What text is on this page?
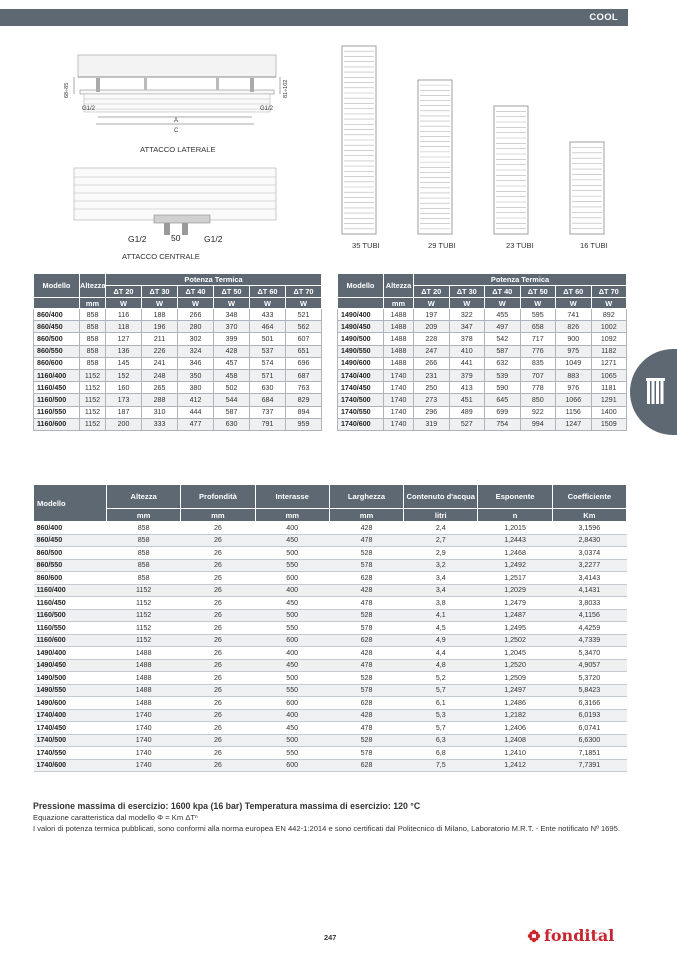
COOL
68÷85	81÷102
G1/2	G1/2
A
C
ATTACCO LATERALE
G1/2	50	G1/2
ATTACCO CENTRALE
35 TUBI	29 TUBI	23 TUBI	16 TUBI
Modello	Altezza	Potenza Termica					
		ΔT 20	ΔT 30	ΔT 40	ΔT 50	ΔT 60	ΔT 70
	mm	W	W	W	W	W	W
860/400	858	116	188	266	348	433	521
860/450	858	118	196	280	370	464	562
860/500	858	127	211	302	399	501	607
860/550	858	136	226	324	428	537	651
860/600	858	145	241	346	457	574	696
1160/400	1152	152	248	350	458	571	687
1160/450	1152	160	265	380	502	630	763
1160/500	1152	173	288	412	544	684	829
1160/550	1152	187	310	444	587	737	894
1160/600	1152	200	333	477	630	791	959
Modello	Altezza	Potenza Termica					
		ΔT 20	ΔT 30	ΔT 40	ΔT 50	ΔT 60	ΔT 70
	mm	W	W	W	W	W	W
1490/400	1488	197	322	455	595	741	892
1490/450	1488	209	347	497	658	826	1002
1490/500	1488	228	378	542	717	900	1092
1490/550	1488	247	410	587	776	975	1182
1490/600	1488	266	441	632	835	1049	1271
1740/400	1740	231	379	539	707	883	1065
1740/450	1740	250	413	590	778	976	1181
1740/500	1740	273	451	645	850	1066	1291
1740/550	1740	296	489	699	922	1156	1400
1740/600	1740	319	527	754	994	1247	1509
Modello	Altezza	Profondità	Interasse	Larghezza	Contenuto d'acqua	Esponente	Coefficiente
	mm	mm	mm	mm	litri	n	Km
860/400	858	26	400	428	2,4	1,2015	3,1596
860/450	858	26	450	478	2,7	1,2443	2,8430
860/500	858	26	500	528	2,9	1,2468	3,0374
860/550	858	26	550	578	3,2	1,2492	3,2277
860/600	858	26	600	628	3,4	1,2517	3,4143
1160/400	1152	26	400	428	3,4	1,2029	4,1431
1160/450	1152	26	450	478	3,8	1,2479	3,8033
1160/500	1152	26	500	528	4,1	1,2487	4,1156
1160/550	1152	26	550	578	4,5	1,2495	4,4259
1160/600	1152	26	600	628	4,9	1,2502	4,7339
1490/400	1488	26	400	428	4,4	1,2045	5,3470
1490/450	1488	26	450	478	4,8	1,2520	4,9057
1490/500	1488	26	500	528	5,2	1,2509	5,3720
1490/550	1488	26	550	578	5,7	1,2497	5,8423
1490/600	1488	26	600	628	6,1	1,2486	6,3166
1740/400	1740	26	400	428	5,3	1,2182	6,0193
1740/450	1740	26	450	478	5,7	1,2406	6,0741
1740/500	1740	26	500	528	6,3	1,2408	6,6300
1740/550	1740	26	550	578	6,8	1,2410	7,1851
1740/600	1740	26	600	628	7,5	1,2412	7,7391
Pressione massima di esercizio: 1600 kpa (16 bar) Temperatura massima di esercizio: 120 °C
Equazione caratteristica dal modello Φ = Km ΔTⁿ
I valori di potenza termica pubblicati, sono conformi alla norma europea EN 442-1:2014 e sono certificati dal Politecnico di Milano, Laboratorio M.R.T. - Ente notificato Nº 1695.
247	fondital
